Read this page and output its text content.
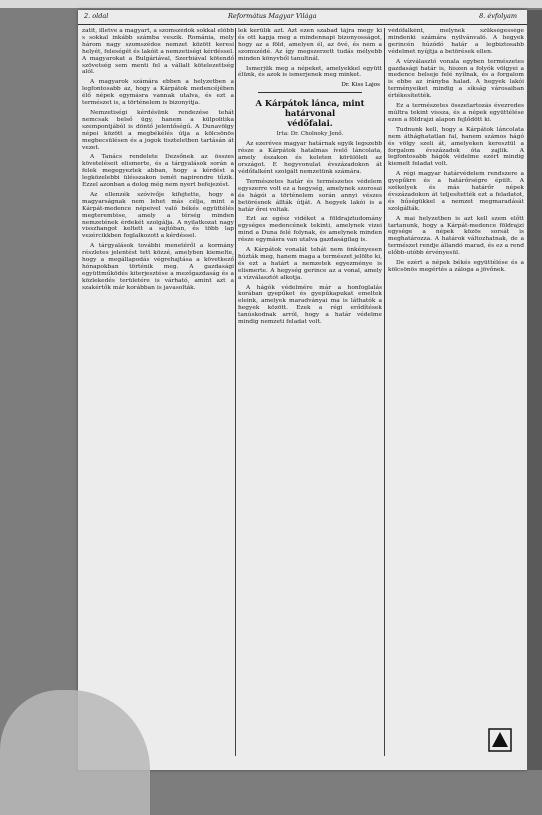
2. oldal	Református Magyar Világa	8. évfolyam

zatit, illetve a magyart, a szomszédok sokkal előbb s sokkal inkább számba veszik. Románia, mely három nagy szomszédos nemzet között keresi helyét, feleségét és lakóit a nemzetiségi kérdéssel. A magyarokat a Bulgáriával, Szerbiával kötendő szövetség sem menti fel a vállalt kötelezettség alól.

A magyarok számára ebben a helyzetben a legfontosabb az, hogy a Kárpátok medencéjében élő népek egymásra vannak utalva, és ezt a természet is, a történelem is bizonyítja.

Nemzetiségi kérdésünk rendezése tehát nemcsak belső ügy, hanem a külpolitika szempontjából is döntő jelentőségű. A Dunavölgy népei között a megbékélés útja a kölcsönös megbecsülésen és a jogok tiszteletben tartásán át vezet.

A Tanács rendelete Dezsőnek az összes követeléseit elismerte, és a tárgyalások során a felek megegyeztek abban, hogy a kérdést a legközelebbi ülésszakon ismét napirendre tűzik. Ezzel azonban a dolog még nem nyert befejezést.

Az ellenzék szóvivője kifejtette, hogy a magyarságnak nem lehet más célja, mint a Kárpát-medence népeivel való békés együttélés megteremtése, amely a térség minden nemzetének érdekét szolgálja. A nyilatkozat nagy visszhangot keltett a sajtóban, és több lap vezércikkben foglalkozott a kérdéssel.

A tárgyalások további menetéről a kormány részletes jelentést tett közzé, amelyben kiemelte, hogy a megállapodás végrehajtása a következő hónapokban történik meg. A gazdasági együttműködés kiterjesztése a mezőgazdaság és a közlekedés területére is várható, amint azt a szakértők már korábban is javasolták.

lek kerülik azt. Azt ezen szabad tájra megy ki és ott kapja meg a mindennapi bizonyosságot, hogy az a föld, amelyen él, az övé, és nem a szomszédé. Az így megszerzett tudás mélyebb minden könyvből tanultnál.

Ismerjük meg a népeket, amelyekkel együtt élünk, és azok is ismerjenek meg minket.

Dr. Kiss Lajos

A Kárpátok lánca, mint határvonal
védőfalai.

Irta: Dr. Cholnoky Jenő.

Az ezeréves magyar határnak egyik legszebb része a Kárpátok hatalmas ívelő láncolata, amely északon és keleten körülöleli az országot. E hegyvonulat évszázadokon át védőfalként szolgált nemzetünk számára.

Természetes határ és természetes védelem egyszerre volt ez a hegység, amelynek szorosai és hágói a történelem során annyi vészes betörésnek állták útját. A hegyek lakói is a határ őrei voltak.

Ezt az egész vidéket a földrajztudomány egységes medencének tekinti, amelynek vizei mind a Duna felé folynak, és amelynek minden része egymásra van utalva gazdaságilag is.

A Kárpátok vonalát tehát nem önkényesen húzták meg, hanem maga a természet jelölte ki, és ezt a határt a nemzetek egyezménye is elismerte. A hegység gerince az a vonal, amely a vízválasztót alkotja.

A hágók védelmére már a honfoglalás korában gyepűket és gyepűkapukat emeltek eleink, amelyek maradványai ma is láthatók a hegyek között. Ezek a régi erődítések tanúskodnak arról, hogy a határ védelme mindig nemzeti feladat volt.

védőfalként, melynek szükségessége mindenki számára nyilvánvaló. A hegyek gerincén húzódó határ a legbiztosabb védelmet nyújtja a betörések ellen.

A vízválasztó vonala egyben természetes gazdasági határ is, hiszen a folyók völgyei a medence belseje felé nyílnak, és a forgalom is ebbe az irányba halad. A hegyek lakói terményeiket mindig a síkság városaiban értékesítették.

Ez a természetes összetartozás évezredes múltra tekint vissza, és a népek együttélése ezen a földrajzi alapon fejlődött ki.

Tudnunk kell, hogy a Kárpátok láncolata nem áthághatatlan fal, hanem számos hágó és völgy szeli át, amelyeken keresztül a forgalom évszázadok óta zajlik. A legfontosabb hágók védelme ezért mindig kiemelt feladat volt.

A régi magyar határvédelem rendszere a gyepűkre és a határőrségre épült. A székelyek és más határőr népek évszázadokon át teljesítették ezt a feladatot, és hűségükkel a nemzet megmaradását szolgálták.

A mai helyzetben is azt kell szem előtt tartanunk, hogy a Kárpát-medence földrajzi egysége a népek közös sorsát is meghatározza. A határok változhatnak, de a természet rendje állandó marad, és ez a rend előbb-utóbb érvényesül.

De ezért a népek békés együttélése és a kölcsönös megértés a záloga a jövőnek.
